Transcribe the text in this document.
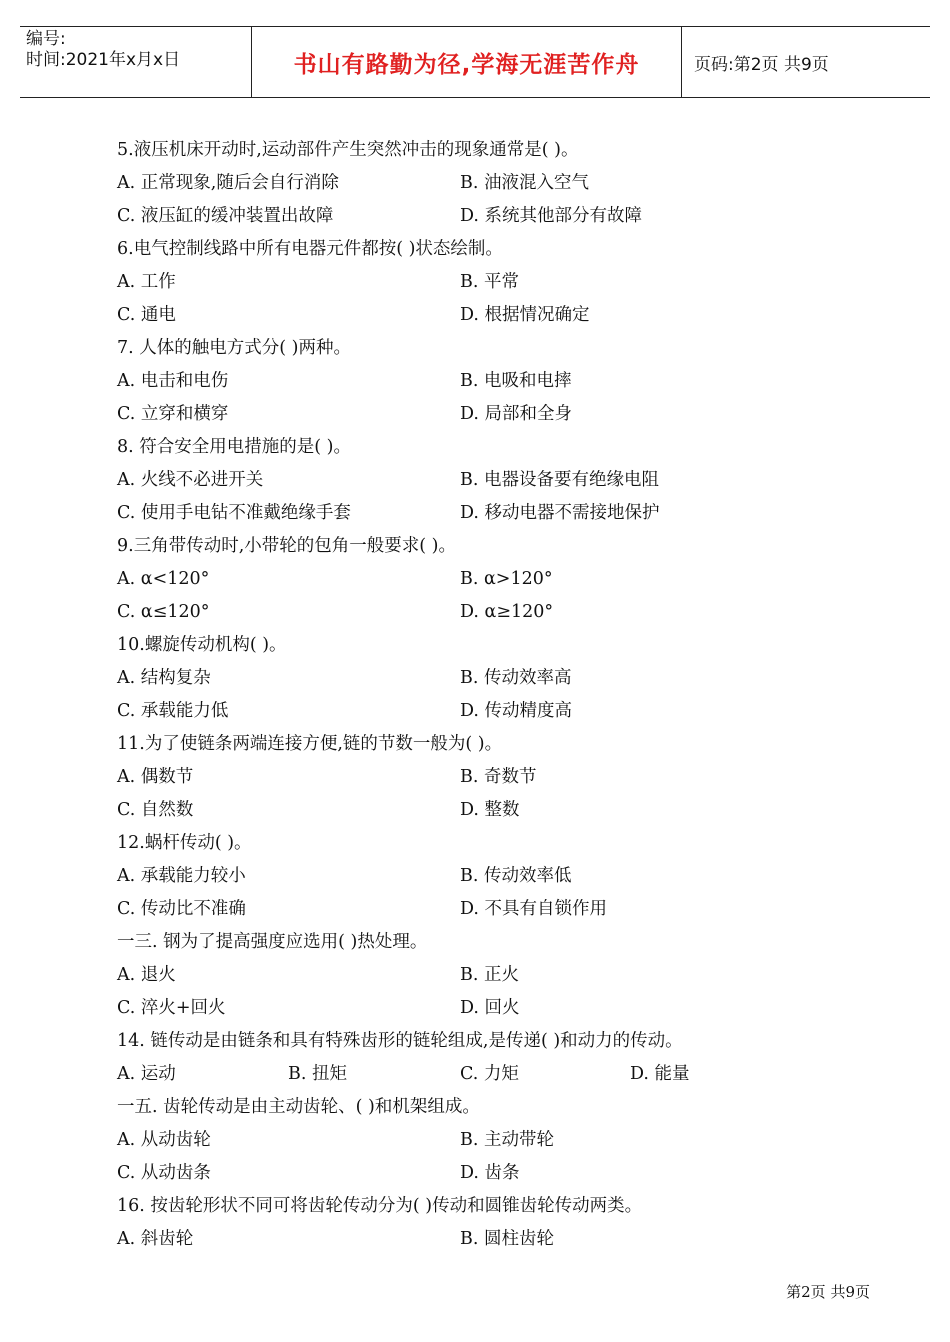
编号:
时间:2021年x月x日	书山有路勤为径,学海无涯苦作舟	页码:第2页 共9页
5.液压机床开动时,运动部件产生突然冲击的现象通常是( )。
A. 正常现象,随后会自行消除	B. 油液混入空气
C. 液压缸的缓冲装置出故障	D. 系统其他部分有故障
6.电气控制线路中所有电器元件都按( )状态绘制。
A. 工作	B. 平常
C. 通电	D. 根据情况确定
7. 人体的触电方式分( )两种。
A. 电击和电伤	B. 电吸和电摔
C. 立穿和横穿	D. 局部和全身
8. 符合安全用电措施的是( )。
A. 火线不必进开关	B. 电器设备要有绝缘电阻
C. 使用手电钻不准戴绝缘手套	D. 移动电器不需接地保护
9.三角带传动时,小带轮的包角一般要求( )。
A. α<120°	B. α>120°
C. α≤120°	D. α≥120°
10.螺旋传动机构( )。
A. 结构复杂	B. 传动效率高
C. 承载能力低	D. 传动精度高
11.为了使链条两端连接方便,链的节数一般为( )。
A. 偶数节	B. 奇数节
C. 自然数	D. 整数
12.蜗杆传动( )。
A. 承载能力较小	B. 传动效率低
C. 传动比不准确	D. 不具有自锁作用
一三. 钢为了提高强度应选用( )热处理。
A. 退火	B. 正火
C. 淬火+回火	D. 回火
14. 链传动是由链条和具有特殊齿形的链轮组成,是传递( )和动力的传动。
A. 运动	B. 扭矩	C. 力矩	D. 能量
一五. 齿轮传动是由主动齿轮、( )和机架组成。
A. 从动齿轮	B. 主动带轮
C. 从动齿条	D. 齿条
16. 按齿轮形状不同可将齿轮传动分为( )传动和圆锥齿轮传动两类。
A. 斜齿轮	B. 圆柱齿轮
第2页 共9页
